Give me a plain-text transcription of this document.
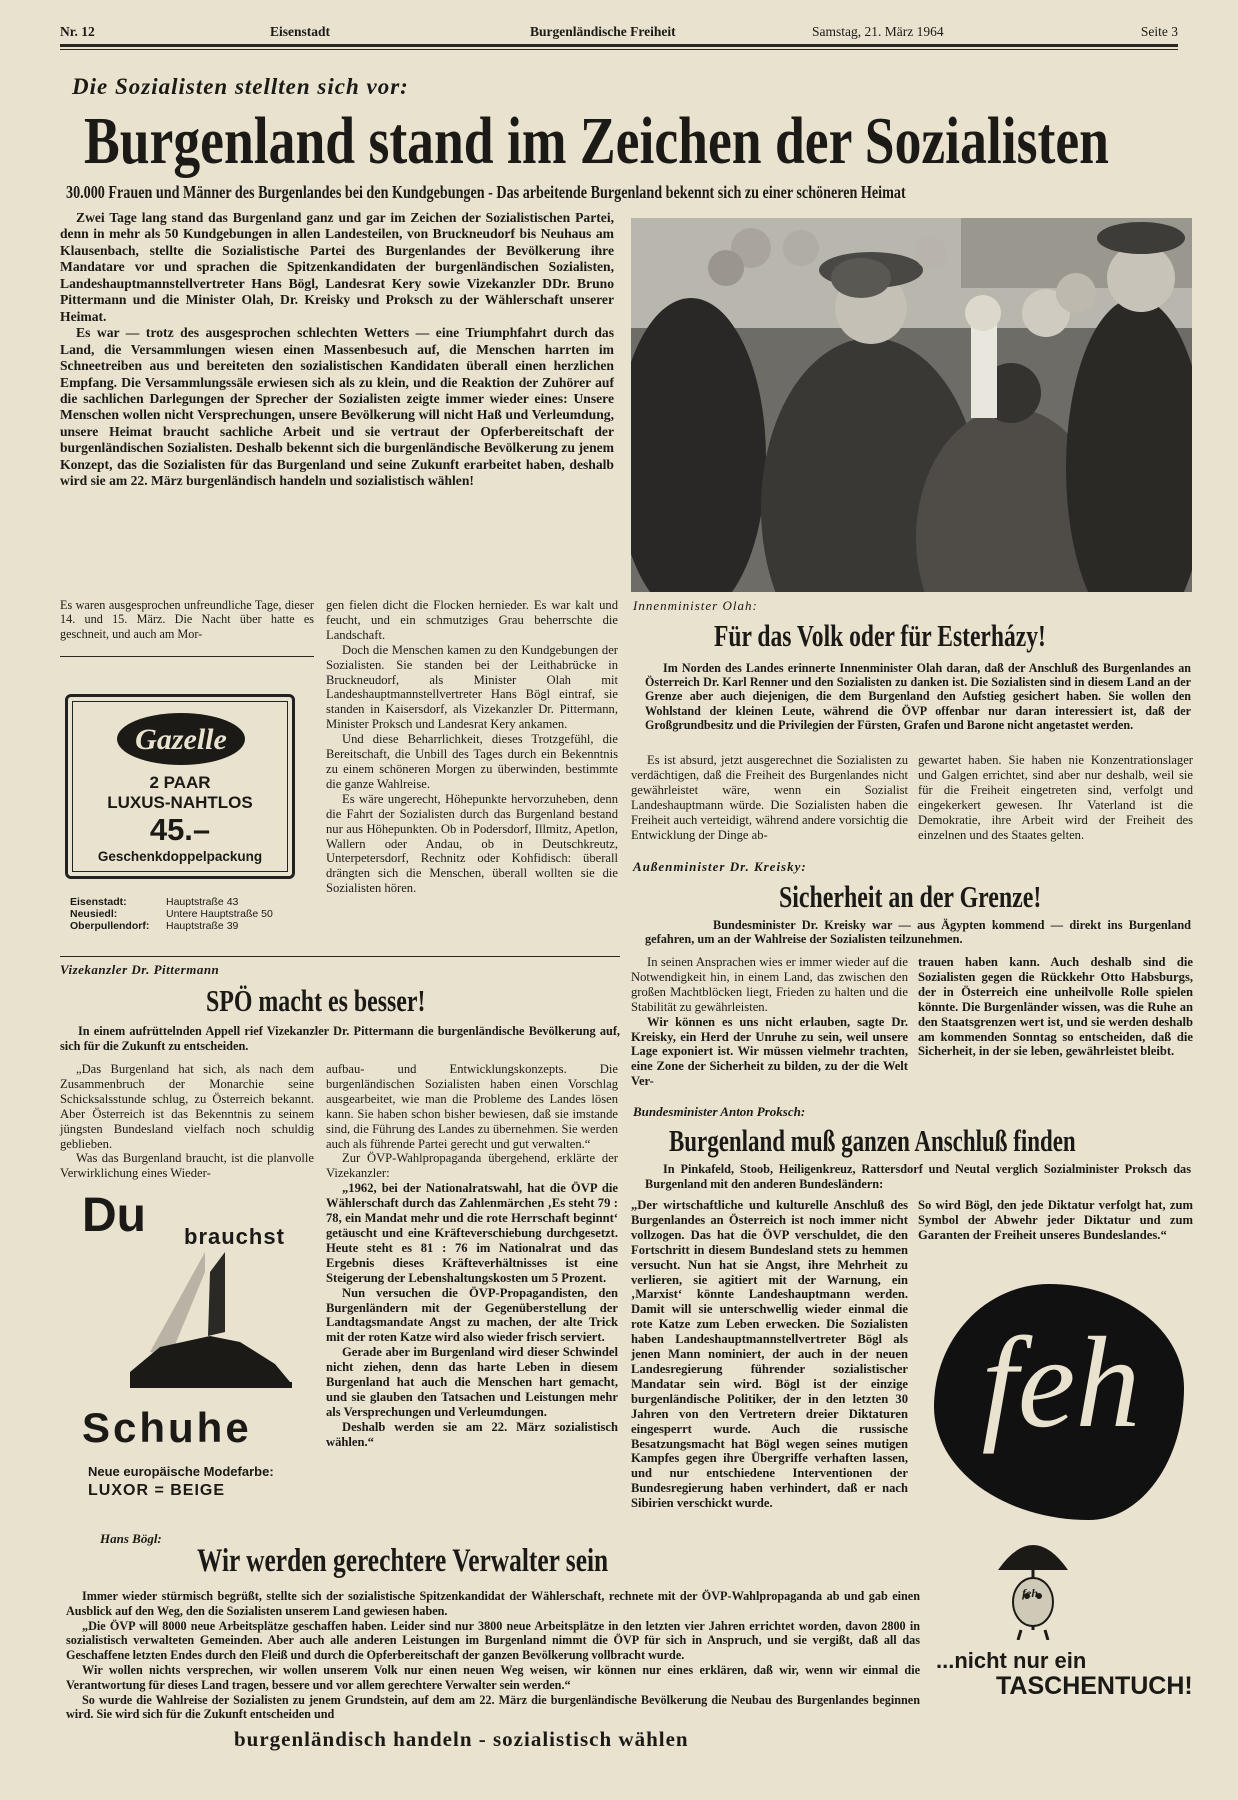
Nr. 12	Eisenstadt	Burgenländische Freiheit	Samstag, 21. März 1964	Seite 3
Die Sozialisten stellten sich vor:
Burgenland stand im Zeichen der Sozialisten
30.000 Frauen und Männer des Burgenlandes bei den Kundgebungen - Das arbeitende Burgenland bekennt sich zu einer schöneren Heimat

Zwei Tage lang stand das Burgenland ganz und gar im Zeichen der Sozialistischen Partei, denn in mehr als 50 Kundgebungen in allen Landesteilen, von Bruckneudorf bis Neuhaus am Klausenbach, stellte die Sozialistische Partei des Burgenlandes der Bevölkerung ihre Mandatare vor und sprachen die Spitzenkandidaten der burgenländischen Sozialisten, Landeshauptmannstellvertreter Hans Bögl, Landesrat Kery sowie Vizekanzler DDr. Bruno Pittermann und die Minister Olah, Dr. Kreisky und Proksch zu der Wählerschaft unserer Heimat.

Es war — trotz des ausgesprochen schlechten Wetters — eine Triumphfahrt durch das Land, die Versammlungen wiesen einen Massenbesuch auf, die Menschen harrten im Schneetreiben aus und bereiteten den sozialistischen Kandidaten überall einen herzlichen Empfang. Die Versammlungssäle erwiesen sich als zu klein, und die Reaktion der Zuhörer auf die sachlichen Darlegungen der Sprecher der Sozialisten zeigte immer wieder eines: Unsere Menschen wollen nicht Versprechungen, unsere Bevölkerung will nicht Haß und Verleumdung, unsere Heimat braucht sachliche Arbeit und sie vertraut der Opferbereitschaft der burgenländischen Sozialisten. Deshalb bekennt sich die burgenländische Bevölkerung zu jenem Konzept, das die Sozialisten für das Burgenland und seine Zukunft erarbeitet haben, deshalb wird sie am 22. März burgenländisch handeln und sozialistisch wählen!

Es waren ausgesprochen unfreundliche Tage, dieser 14. und 15. März. Die Nacht über hatte es geschneit, und auch am Mor-

gen fielen dicht die Flocken hernieder. Es war kalt und feucht, und ein schmutziges Grau beherrschte die Landschaft.

Doch die Menschen kamen zu den Kundgebungen der Sozialisten. Sie standen bei der Leithabrücke in Bruckneudorf, als Minister Olah mit Landeshauptmannstellvertreter Hans Bögl eintraf, sie standen in Kaisersdorf, als Vizekanzler Dr. Pittermann, Minister Proksch und Landesrat Kery ankamen.

Und diese Beharrlichkeit, dieses Trotzgefühl, die Bereitschaft, die Unbill des Tages durch ein Bekenntnis zu einem schöneren Morgen zu überwinden, bestimmte die ganze Wahlreise.

Es wäre ungerecht, Höhepunkte hervorzuheben, denn die Fahrt der Sozialisten durch das Burgenland bestand nur aus Höhepunkten. Ob in Podersdorf, Illmitz, Apetlon, Wallern oder Andau, ob in Deutschkreutz, Unterpetersdorf, Rechnitz oder Kohfidisch: überall drängten sich die Menschen, überall wollten sie die Sozialisten hören.

Gazelle
2 PAAR
LUXUS-NAHTLOS
45.–
Geschenkdoppelpackung
Eisenstadt:	Hauptstraße 43
Neusiedl:	Untere Hauptstraße 50
Oberpullendorf: Hauptstraße 39
Innenminister Olah:
Für das Volk oder für Esterházy!
Im Norden des Landes erinnerte Innenminister Olah daran, daß der Anschluß des Burgenlandes an Österreich Dr. Karl Renner und den Sozialisten zu danken ist. Die Sozialisten sind in diesem Land an der Grenze aber auch diejenigen, die dem Burgenland den Aufstieg gesichert haben. Sie wollen den Wohlstand der kleinen Leute, während die ÖVP offenbar nur daran interessiert ist, daß der Großgrundbesitz und die Privilegien der Fürsten, Grafen und Barone nicht angetastet werden.
Es ist absurd, jetzt ausgerechnet die Sozialisten zu verdächtigen, daß die Freiheit des Burgenlandes nicht gewährleistet wäre, wenn ein Sozialist Landeshauptmann würde. Die Sozialisten haben die Freiheit auch verteidigt, während andere vorsichtig die Entwicklung der Dinge ab-
gewartet haben. Sie haben nie Konzentrationslager und Galgen errichtet, sind aber nur deshalb, weil sie für die Freiheit eingetreten sind, verfolgt und eingekerkert gewesen. Ihr Vaterland ist die Demokratie, ihre Arbeit wird der Freiheit des einzelnen und des Staates gelten.
Außenminister Dr. Kreisky:
Sicherheit an der Grenze!
Bundesminister Dr. Kreisky war — aus Ägypten kommend — direkt ins Burgenland gefahren, um an der Wahlreise der Sozialisten teilzunehmen.

In seinen Ansprachen wies er immer wieder auf die Notwendigkeit hin, in einem Land, das zwischen den großen Machtblöcken liegt, Frieden zu halten und die Stabilität zu gewährleisten.

Wir können es uns nicht erlauben, sagte Dr. Kreisky, ein Herd der Unruhe zu sein, weil unsere Lage exponiert ist. Wir müssen vielmehr trachten, eine Zone der Sicherheit zu bilden, zu der die Welt Ver-

trauen haben kann. Auch deshalb sind die Sozialisten gegen die Rückkehr Otto Habsburgs, der in Österreich eine unheilvolle Rolle spielen könnte. Die Burgenländer wissen, was die Ruhe an den Staatsgrenzen wert ist, und sie werden deshalb am kommenden Sonntag so entscheiden, daß die Sicherheit, in der sie leben, gewährleistet bleibt.
Vizekanzler Dr. Pittermann
SPÖ macht es besser!
In einem aufrüttelnden Appell rief Vizekanzler Dr. Pittermann die burgenländische Bevölkerung auf, sich für die Zukunft zu entscheiden.

„Das Burgenland hat sich, als nach dem Zusammenbruch der Monarchie seine Schicksalsstunde schlug, zu Österreich bekannt. Aber Österreich ist das Bekenntnis zu seinem jüngsten Bundesland vielfach noch schuldig geblieben.

Was das Burgenland braucht, ist die planvolle Verwirklichung eines Wieder-

aufbau- und Entwicklungskonzepts. Die burgenländischen Sozialisten haben einen Vorschlag ausgearbeitet, wie man die Probleme des Landes lösen kann. Sie haben schon bisher bewiesen, daß sie imstande sind, die Führung des Landes zu übernehmen. Sie werden auch als führende Partei gerecht und gut verwalten.“

Zur ÖVP-Wahlpropaganda übergehend, erklärte der Vizekanzler:

„1962, bei der Nationalratswahl, hat die ÖVP die Wählerschaft durch das Zahlenmärchen ‚Es steht 79 : 78, ein Mandat mehr und die rote Herrschaft beginnt‘ getäuscht und eine Kräfteverschiebung durchgesetzt. Heute steht es 81 : 76 im Nationalrat und das Ergebnis dieses Kräfteverhältnisses ist eine Steigerung der Lebenshaltungskosten um 5 Prozent.

Nun versuchen die ÖVP-Propagandisten, den Burgenländern mit der Gegenüberstellung der Landtagsmandate Angst zu machen, der alte Trick mit der roten Katze wird also wieder frisch serviert.

Gerade aber im Burgenland wird dieser Schwindel nicht ziehen, denn das harte Leben in diesem Burgenland hat auch die Menschen hart gemacht, und sie glauben den Tatsachen und Leistungen mehr als Versprechungen und Verleumdungen.

Deshalb werden sie am 22. März sozialistisch wählen.“

Du brauchst
Schuhe
Neue europäische Modefarbe:
LUXOR = BEIGE
Bundesminister Anton Proksch:
Burgenland muß ganzen Anschluß finden
In Pinkafeld, Stoob, Heiligenkreuz, Rattersdorf und Neutal verglich Sozialminister Proksch das Burgenland mit den anderen Bundesländern:
„Der wirtschaftliche und kulturelle Anschluß des Burgenlandes an Österreich ist noch immer nicht vollzogen. Das hat die ÖVP verschuldet, die den Fortschritt in diesem Bundesland stets zu hemmen versucht. Nun hat sie Angst, ihre Mehrheit zu verlieren, sie agitiert mit der Warnung, ein ‚Marxist‘ könnte Landeshauptmann werden. Damit will sie unterschwellig wieder einmal die rote Katze zum Leben erwecken. Die Sozialisten haben Landeshauptmannstellvertreter Bögl als jenen Mann nominiert, der auch in der neuen Landesregierung führender sozialistischer Mandatar sein wird. Bögl ist der einzige burgenländische Politiker, der in den letzten 30 Jahren von den Vertretern dreier Diktaturen eingesperrt wurde. Auch die russische Besatzungsmacht hat Bögl wegen seines mutigen Kampfes gegen ihre Übergriffe verhaften lassen, und nur entschiedene Interventionen der Bundesregierung haben verhindert, daß er nach Sibirien verschickt wurde.
So wird Bögl, den jede Diktatur verfolgt hat, zum Symbol der Abwehr jeder Diktatur und zum Garanten der Freiheit unseres Bundeslandes.“
feh
feh
...nicht nur ein
TASCHENTUCH!
Hans Bögl:
Wir werden gerechtere Verwalter sein

Immer wieder stürmisch begrüßt, stellte sich der sozialistische Spitzenkandidat der Wählerschaft, rechnete mit der ÖVP-Wahlpropaganda ab und gab einen Ausblick auf den Weg, den die Sozialisten unserem Land gewiesen haben.

„Die ÖVP will 8000 neue Arbeitsplätze geschaffen haben. Leider sind nur 3800 neue Arbeitsplätze in den letzten vier Jahren errichtet worden, davon 2800 in sozialistisch verwalteten Gemeinden. Aber auch alle anderen Leistungen im Burgenland nimmt die ÖVP für sich in Anspruch, und sie vergißt, daß all das Geschaffene letzten Endes durch den Fleiß und durch die Opferbereitschaft der ganzen Bevölkerung vollbracht wurde.

Wir wollen nichts versprechen, wir wollen unserem Volk nur einen neuen Weg weisen, wir können nur eines erklären, daß wir, wenn wir einmal die Verantwortung für dieses Land tragen, bessere und vor allem gerechtere Verwalter sein werden.“

So wurde die Wahlreise der Sozialisten zu jenem Grundstein, auf dem am 22. März die burgenländische Bevölkerung die Neubau des Burgenlandes beginnen wird. Sie wird sich für die Zukunft entscheiden und

burgenländisch handeln - sozialistisch wählen
